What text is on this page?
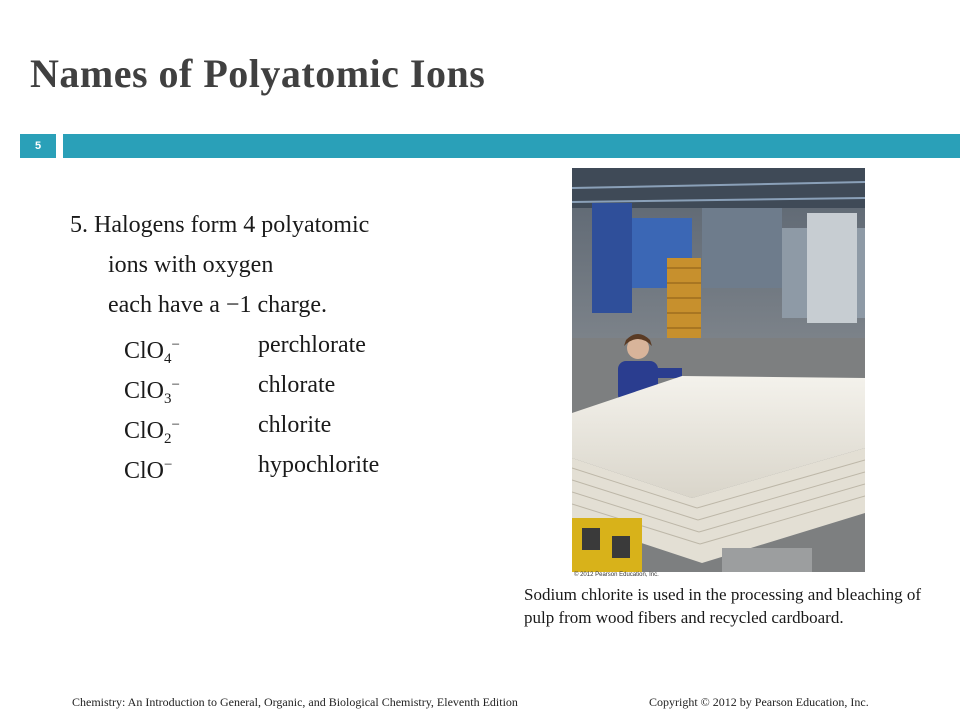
Names of Polyatomic Ions
5
5. Halogens form 4 polyatomic
ions with oxygen
each have a −1 charge.
ClO$_4$−	perchlorate
ClO$_3$−	chlorate
ClO$_2$−	chlorite
ClO−	hypochlorite
© 2012 Pearson Education, Inc.
Sodium chlorite is used in the processing and bleaching of pulp from wood fibers and recycled cardboard.
Chemistry: An Introduction to General, Organic, and Biological Chemistry, Eleventh Edition	Copyright © 2012 by Pearson Education, Inc.
